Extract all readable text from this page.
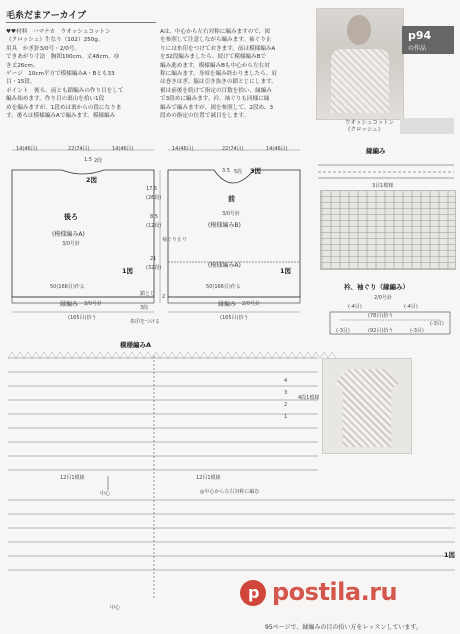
毛糸だまアーカイブ
♥♥材料　ハマナカ　ウオッシュコットン
《クロッシェ》生なり（102）250g。
用具　かぎ針3/0号・2/0号。
できあがり寸法　胸囲100cm、丈48cm、ゆ
き丈26cm。
ゲージ　10cm平方で模様編みA・Bとも33
目・15段。
ポイント　後ろ、前とも鎖編みの作り目をして
編み始めます。作り目の裏山を拾い1段
めを編みますが、1段めは裏からの段になりま
す。後ろは模様編みAで編みます。模様編み
Aは、中心から左右対称に編みますので、図
を参照して注意しながら編みます。袖ぐり止
りには糸印をつけておきます。前は模様編みA
を32段編みましたら、続けて模様編みBで
編み進めます。模様編みBも中心から左右対
称に編みます。身頃を編み終わりましたら、肩
は巻きはぎ、脇は引き抜きの鎖とじにします。
裾は前後を続けて指定の目数を拾い、縁編み
で3段めに編みます。衿、袖ぐりも同様に縁
編みで編みますが、図を参照して、2段め、3
段めの指定の位置で減目をします。
p94
の作品
ウオッシュコットン
《クロッシェ》
14(46目)	22(74目)	14(46目)
1.5 2段
2図
後ろ
(模様編みA)
3/0号針
1図
50(166目)作る
縁編み 2/0号針
(165目)拾う
14(46目)	22(74目)	14(46目)
3.5 5段 3図
前
3/0号針
(模様編みB)
(模様編みA)
1図
50(166目)作る
縁編み 2/0号針
(165目)拾う
17.5
(26段)
8.5
(12段)
袖ぐり止り
21
(32段)
2
3段
鎖とじ
糸印をつける
縁編み
3目1模様
衿、袖ぐり（縁編み）
2/0号針
(-4目)	(-4目)
(78目)拾う
(92目)拾う
(-3目)	(-3目)
(-3目)
模様編みA
4
3
2
1
4段1模様
12目1模様	12目1模様
◎中心から左右対称に編む
中心
中心
1図
p postila.ru
95ページで、縁編みの目の拾い方をレッスンしています。
